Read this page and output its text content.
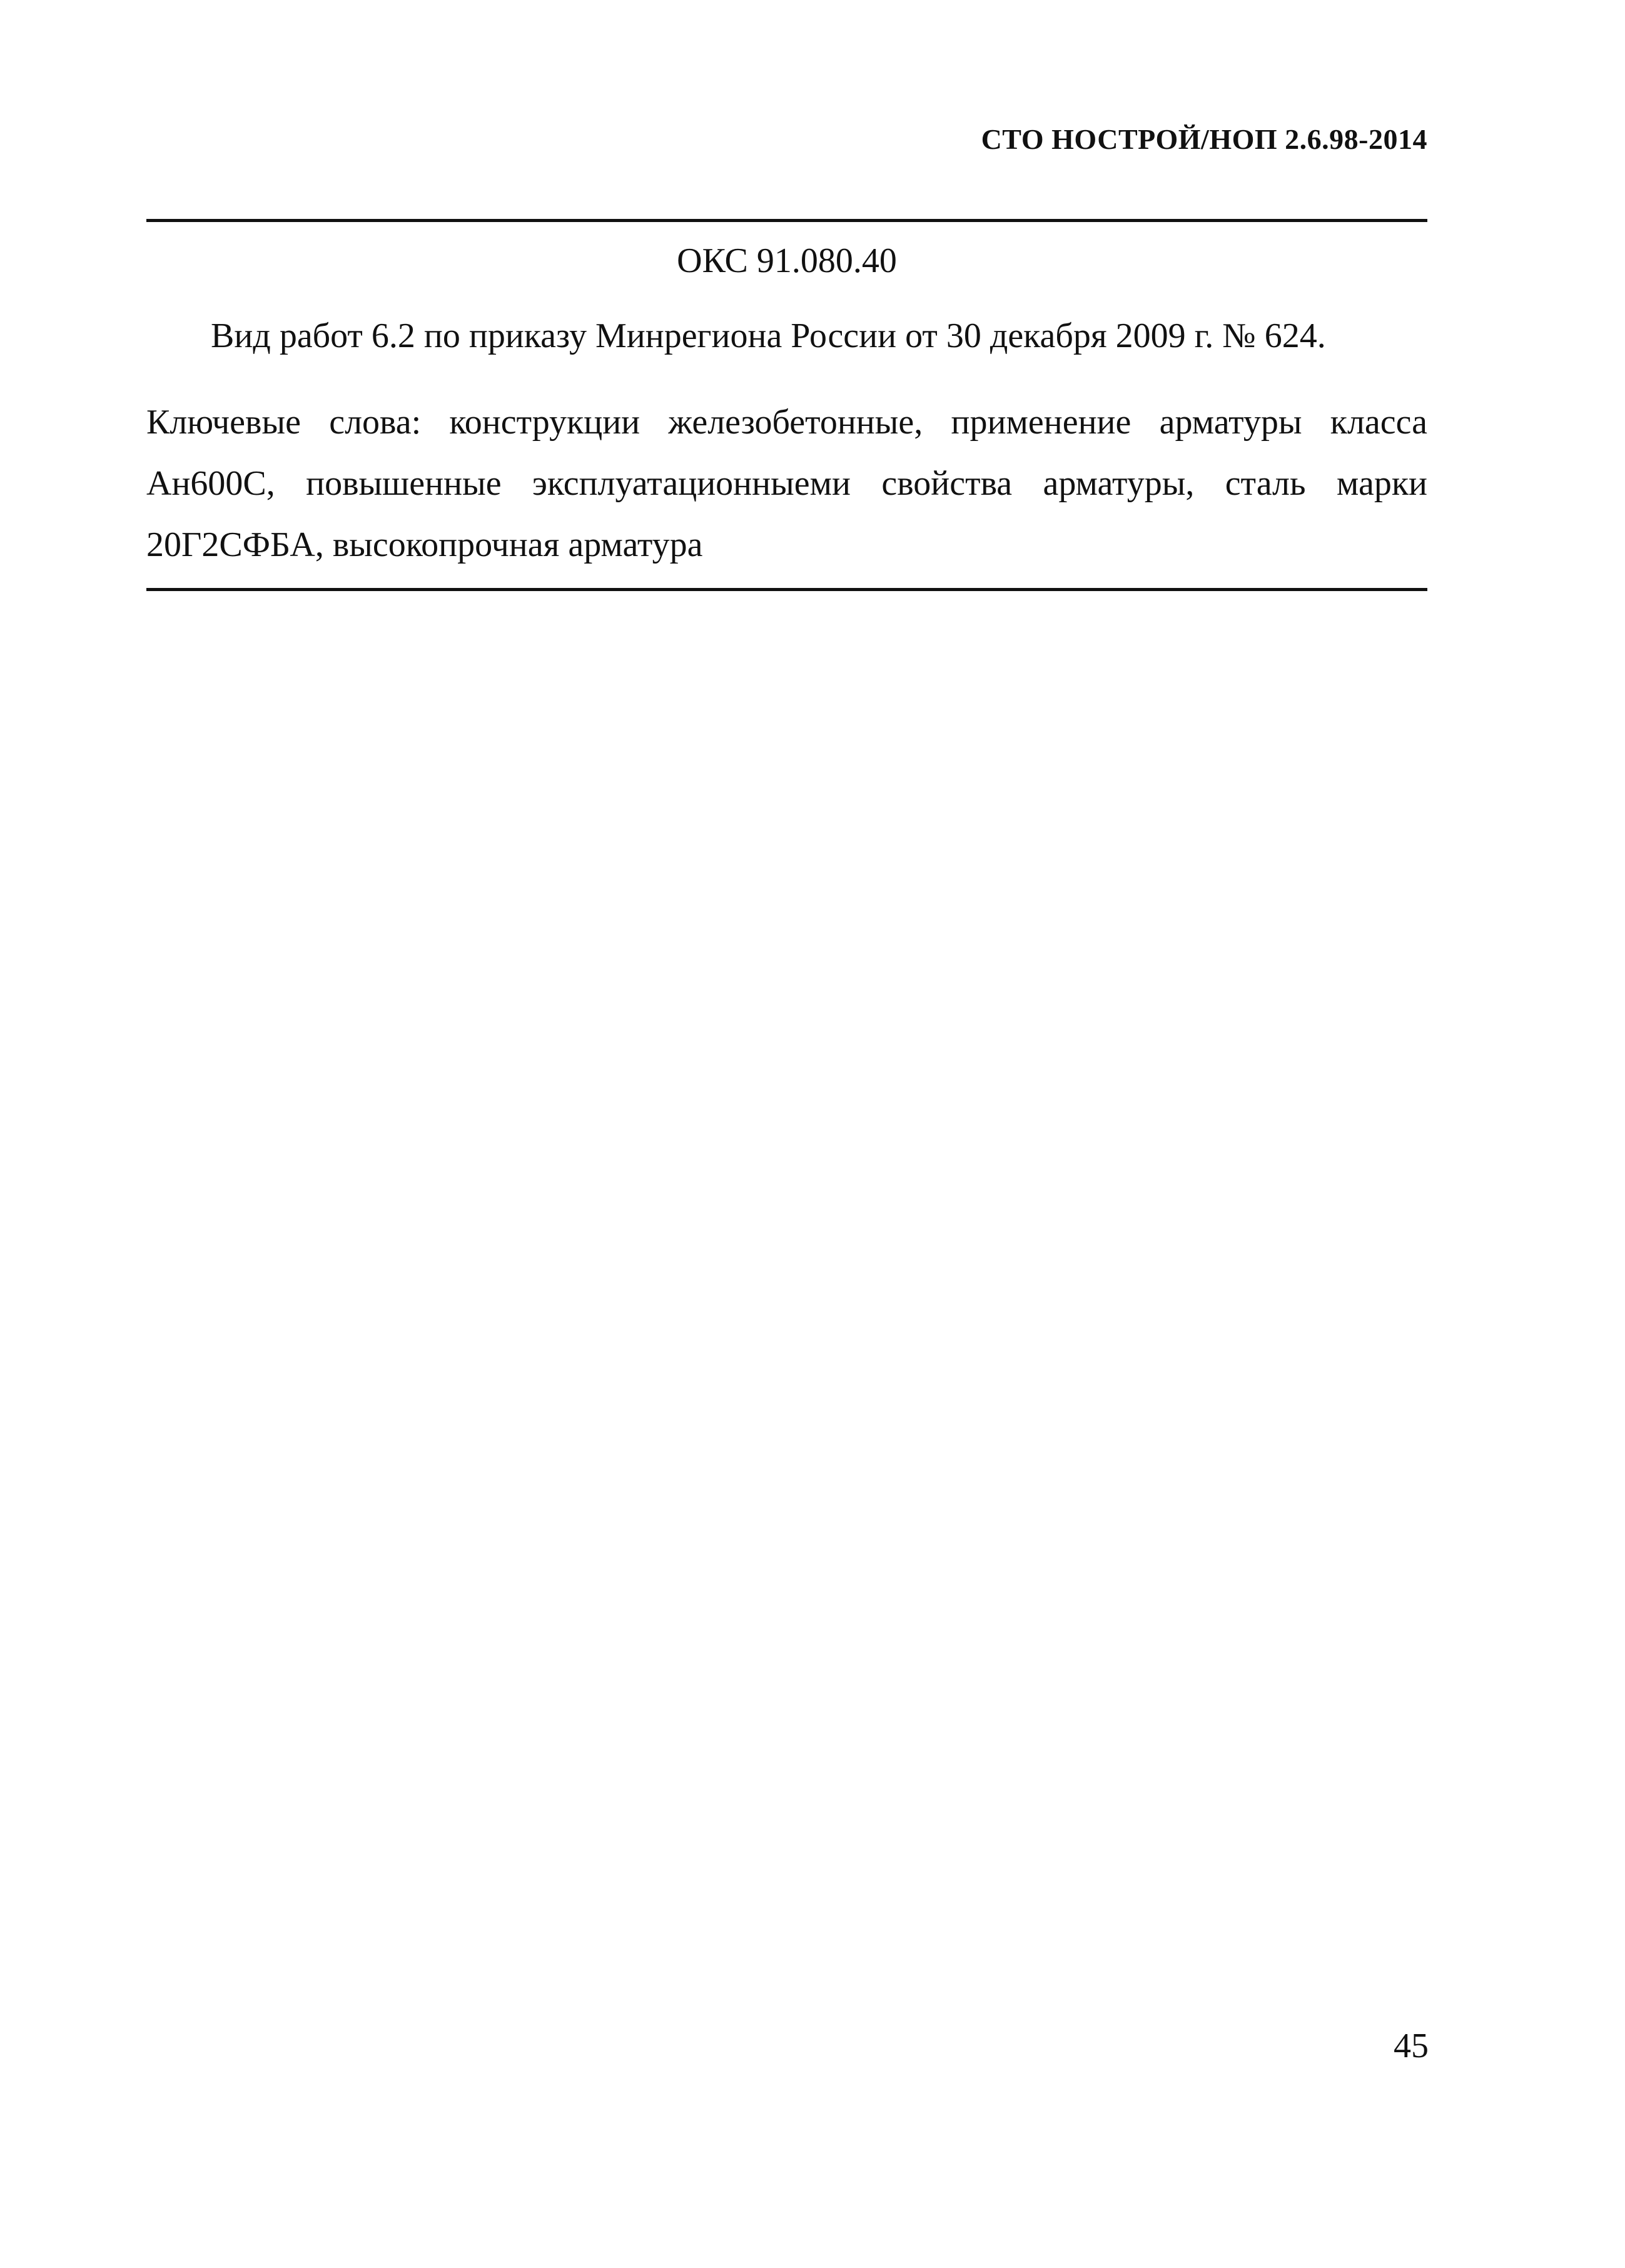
СТО НОСТРОЙ/НОП 2.6.98-2014
ОКС 91.080.40
Вид работ 6.2 по приказу Минрегиона России от 30 декабря 2009 г. № 624.

Ключевые слова: конструкции железобетонные, применение арматуры класса Ан600С, повышенные эксплуатационныеми свойства арматуры, сталь марки 20Г2СФБА, высокопрочная арматура

45
